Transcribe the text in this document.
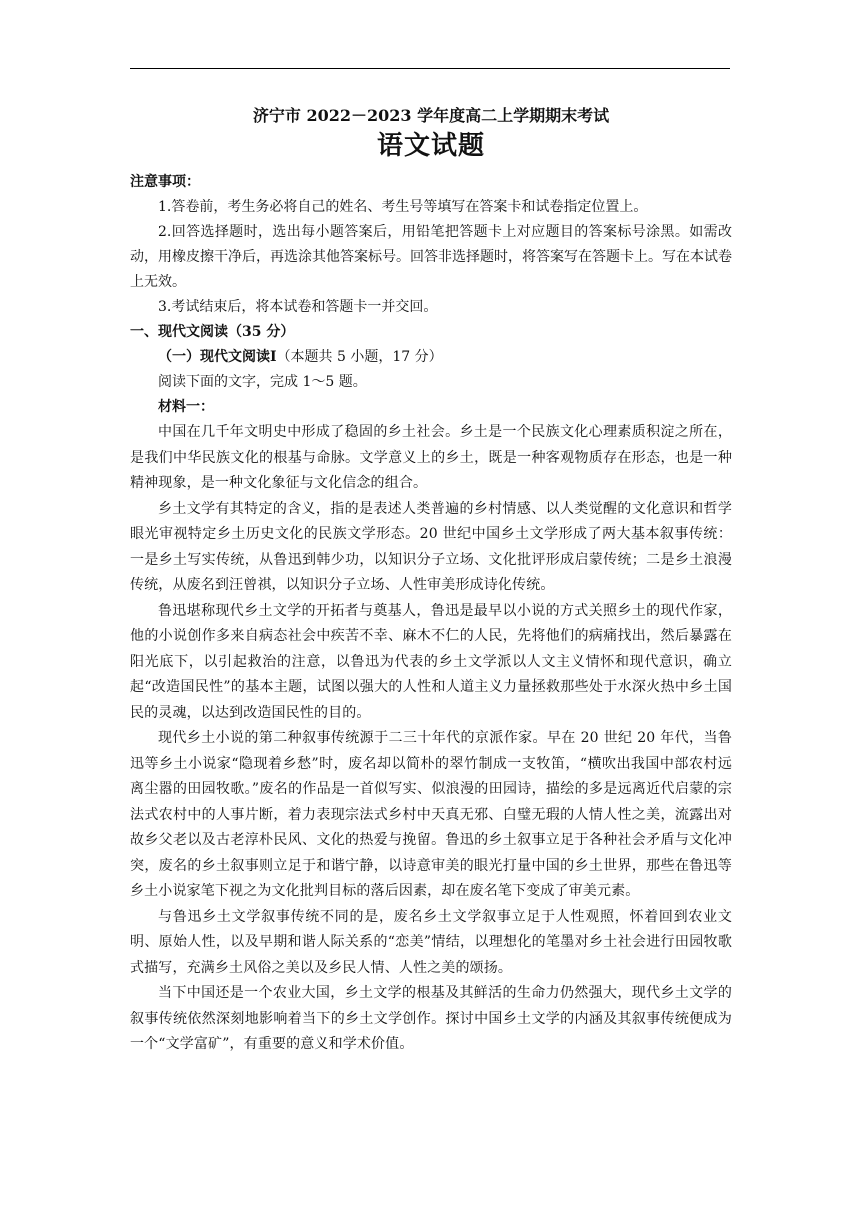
济宁市 2022－2023 学年度高二上学期期末考试

语文试题

注意事项：

1.答卷前，考生务必将自己的姓名、考生号等填写在答案卡和试卷指定位置上。

2.回答选择题时，选出每小题答案后，用铅笔把答题卡上对应题目的答案标号涂黑。如需改动，用橡皮擦干净后，再选涂其他答案标号。回答非选择题时，将答案写在答题卡上。写在本试卷上无效。

3.考试结束后，将本试卷和答题卡一并交回。

一、现代文阅读（35 分）

（一）现代文阅读Ⅰ（本题共 5 小题，17 分）

阅读下面的文字，完成 1～5 题。

材料一：

中国在几千年文明史中形成了稳固的乡土社会。乡土是一个民族文化心理素质积淀之所在，是我们中华民族文化的根基与命脉。文学意义上的乡土，既是一种客观物质存在形态，也是一种精神现象，是一种文化象征与文化信念的组合。

乡土文学有其特定的含义，指的是表述人类普遍的乡村情感、以人类觉醒的文化意识和哲学眼光审视特定乡土历史文化的民族文学形态。20 世纪中国乡土文学形成了两大基本叙事传统：一是乡土写实传统，从鲁迅到韩少功，以知识分子立场、文化批评形成启蒙传统；二是乡土浪漫传统，从废名到汪曾祺，以知识分子立场、人性审美形成诗化传统。

鲁迅堪称现代乡土文学的开拓者与奠基人，鲁迅是最早以小说的方式关照乡土的现代作家，他的小说创作多来自病态社会中疾苦不幸、麻木不仁的人民，先将他们的病痛找出，然后暴露在阳光底下，以引起救治的注意，以鲁迅为代表的乡土文学派以人文主义情怀和现代意识，确立起“改造国民性”的基本主题，试图以强大的人性和人道主义力量拯救那些处于水深火热中乡土国民的灵魂，以达到改造国民性的目的。

现代乡土小说的第二种叙事传统源于二三十年代的京派作家。早在 20 世纪 20 年代，当鲁迅等乡土小说家“隐现着乡愁”时，废名却以简朴的翠竹制成一支牧笛，“横吹出我国中部农村远离尘嚣的田园牧歌。”废名的作品是一首似写实、似浪漫的田园诗，描绘的多是远离近代启蒙的宗法式农村中的人事片断，着力表现宗法式乡村中天真无邪、白璧无瑕的人情人性之美，流露出对故乡父老以及古老淳朴民风、文化的热爱与挽留。鲁迅的乡土叙事立足于各种社会矛盾与文化冲突，废名的乡土叙事则立足于和谐宁静，以诗意审美的眼光打量中国的乡土世界，那些在鲁迅等乡土小说家笔下视之为文化批判目标的落后因素，却在废名笔下变成了审美元素。

与鲁迅乡土文学叙事传统不同的是，废名乡土文学叙事立足于人性观照，怀着回到农业文明、原始人性，以及早期和谐人际关系的“恋美”情结，以理想化的笔墨对乡土社会进行田园牧歌式描写，充满乡土风俗之美以及乡民人情、人性之美的颂扬。

当下中国还是一个农业大国，乡土文学的根基及其鲜活的生命力仍然强大，现代乡土文学的叙事传统依然深刻地影响着当下的乡土文学创作。探讨中国乡土文学的内涵及其叙事传统便成为一个“文学富矿”，有重要的意义和学术价值。
